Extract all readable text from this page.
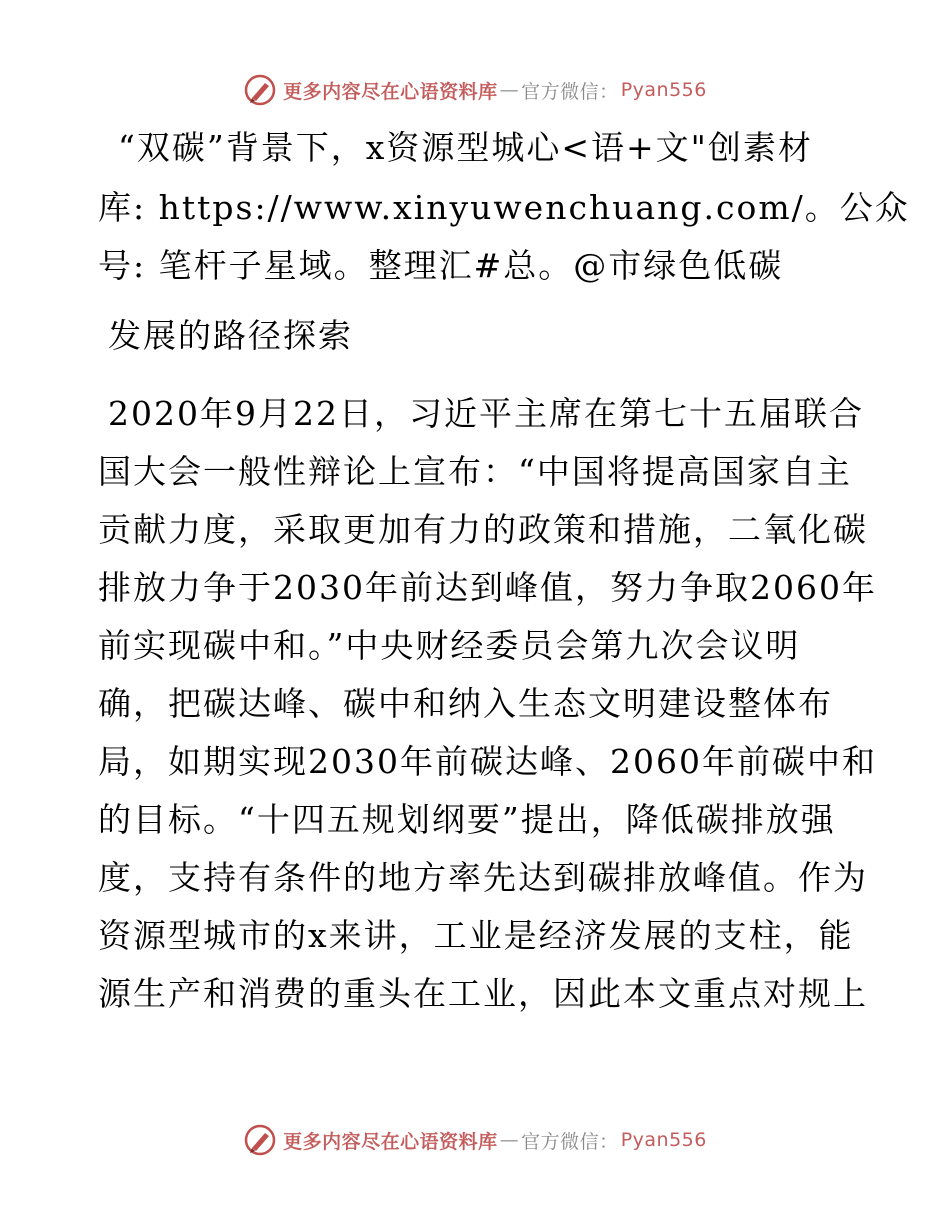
更多内容尽在心语资料库 — 官方微信： Pyan556
“双碳”背景下，x资源型城心<语+文"创素材
库: https://www.xinyuwenchuang.com/。公众
号: 笔杆子星域。整理汇#总。@市绿色低碳
发展的路径探索
2020年9月22日，习近平主席在第七十五届联合
国大会一般性辩论上宣布：“中国将提高国家自主
贡献力度，采取更加有力的政策和措施，二氧化碳
排放力争于2030年前达到峰值，努力争取2060年
前实现碳中和。”中央财经委员会第九次会议明
确，把碳达峰、碳中和纳入生态文明建设整体布
局，如期实现2030年前碳达峰、2060年前碳中和
的目标。“十四五规划纲要”提出，降低碳排放强
度，支持有条件的地方率先达到碳排放峰值。作为
资源型城市的x来讲，工业是经济发展的支柱，能
源生产和消费的重头在工业，因此本文重点对规上
更多内容尽在心语资料库 — 官方微信： Pyan556
